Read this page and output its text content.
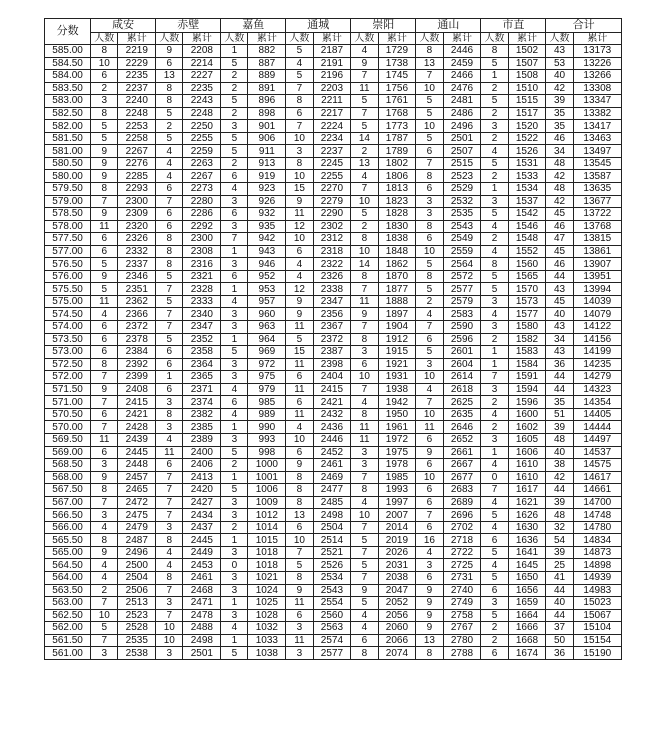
分数	咸安		赤壁		嘉鱼		通城		崇阳		通山		市直		合计	
	人数	累计	人数	累计	人数	累计	人数	累计	人数	累计	人数	累计	人数	累计	人数	累计
585.00	8	2219	9	2208	1	882	5	2187	4	1729	8	2446	8	1502	43	13173
584.50	10	2229	6	2214	5	887	4	2191	9	1738	13	2459	5	1507	53	13226
584.00	6	2235	13	2227	2	889	5	2196	7	1745	7	2466	1	1508	40	13266
583.50	2	2237	8	2235	2	891	7	2203	11	1756	10	2476	2	1510	42	13308
583.00	3	2240	8	2243	5	896	8	2211	5	1761	5	2481	5	1515	39	13347
582.50	8	2248	5	2248	2	898	6	2217	7	1768	5	2486	2	1517	35	13382
582.00	5	2253	2	2250	3	901	7	2224	5	1773	10	2496	3	1520	35	13417
581.50	5	2258	5	2255	5	906	10	2234	14	1787	5	2501	2	1522	46	13463
581.00	9	2267	4	2259	5	911	3	2237	2	1789	6	2507	4	1526	34	13497
580.50	9	2276	4	2263	2	913	8	2245	13	1802	7	2515	5	1531	48	13545
580.00	9	2285	4	2267	6	919	10	2255	4	1806	8	2523	2	1533	42	13587
579.50	8	2293	6	2273	4	923	15	2270	7	1813	6	2529	1	1534	48	13635
579.00	7	2300	7	2280	3	926	9	2279	10	1823	3	2532	3	1537	42	13677
578.50	9	2309	6	2286	6	932	11	2290	5	1828	3	2535	5	1542	45	13722
578.00	11	2320	6	2292	3	935	12	2302	2	1830	8	2543	4	1546	46	13768
577.50	6	2326	8	2300	7	942	10	2312	8	1838	6	2549	2	1548	47	13815
577.00	6	2332	8	2308	1	943	6	2318	10	1848	10	2559	4	1552	45	13861
576.50	5	2337	8	2316	3	946	4	2322	14	1862	5	2564	8	1560	46	13907
576.00	9	2346	5	2321	6	952	4	2326	8	1870	8	2572	5	1565	44	13951
575.50	5	2351	7	2328	1	953	12	2338	7	1877	5	2577	5	1570	43	13994
575.00	11	2362	5	2333	4	957	9	2347	11	1888	2	2579	3	1573	45	14039
574.50	4	2366	7	2340	3	960	9	2356	9	1897	4	2583	4	1577	40	14079
574.00	6	2372	7	2347	3	963	11	2367	7	1904	7	2590	3	1580	43	14122
573.50	6	2378	5	2352	1	964	5	2372	8	1912	6	2596	2	1582	34	14156
573.00	6	2384	6	2358	5	969	15	2387	3	1915	5	2601	1	1583	43	14199
572.50	8	2392	6	2364	3	972	11	2398	6	1921	3	2604	1	1584	36	14235
572.00	7	2399	1	2365	3	975	6	2404	10	1931	10	2614	7	1591	44	14279
571.50	9	2408	6	2371	4	979	11	2415	7	1938	4	2618	3	1594	44	14323
571.00	7	2415	3	2374	6	985	6	2421	4	1942	7	2625	2	1596	35	14354
570.50	6	2421	8	2382	4	989	11	2432	8	1950	10	2635	4	1600	51	14405
570.00	7	2428	3	2385	1	990	4	2436	11	1961	11	2646	2	1602	39	14444
569.50	11	2439	4	2389	3	993	10	2446	11	1972	6	2652	3	1605	48	14497
569.00	6	2445	11	2400	5	998	6	2452	3	1975	9	2661	1	1606	40	14537
568.50	3	2448	6	2406	2	1000	9	2461	3	1978	6	2667	4	1610	38	14575
568.00	9	2457	7	2413	1	1001	8	2469	7	1985	10	2677	0	1610	42	14617
567.50	8	2465	7	2420	5	1006	8	2477	8	1993	6	2683	7	1617	44	14661
567.00	7	2472	7	2427	3	1009	8	2485	4	1997	6	2689	4	1621	39	14700
566.50	3	2475	7	2434	3	1012	13	2498	10	2007	7	2696	5	1626	48	14748
566.00	4	2479	3	2437	2	1014	6	2504	7	2014	6	2702	4	1630	32	14780
565.50	8	2487	8	2445	1	1015	10	2514	5	2019	16	2718	6	1636	54	14834
565.00	9	2496	4	2449	3	1018	7	2521	7	2026	4	2722	5	1641	39	14873
564.50	4	2500	4	2453	0	1018	5	2526	5	2031	3	2725	4	1645	25	14898
564.00	4	2504	8	2461	3	1021	8	2534	7	2038	6	2731	5	1650	41	14939
563.50	2	2506	7	2468	3	1024	9	2543	9	2047	9	2740	6	1656	44	14983
563.00	7	2513	3	2471	1	1025	11	2554	5	2052	9	2749	3	1659	40	15023
562.50	10	2523	7	2478	3	1028	6	2560	4	2056	9	2758	5	1664	44	15067
562.00	5	2528	10	2488	4	1032	3	2563	4	2060	9	2767	2	1666	37	15104
561.50	7	2535	10	2498	1	1033	11	2574	6	2066	13	2780	2	1668	50	15154
561.00	3	2538	3	2501	5	1038	3	2577	8	2074	8	2788	6	1674	36	15190
